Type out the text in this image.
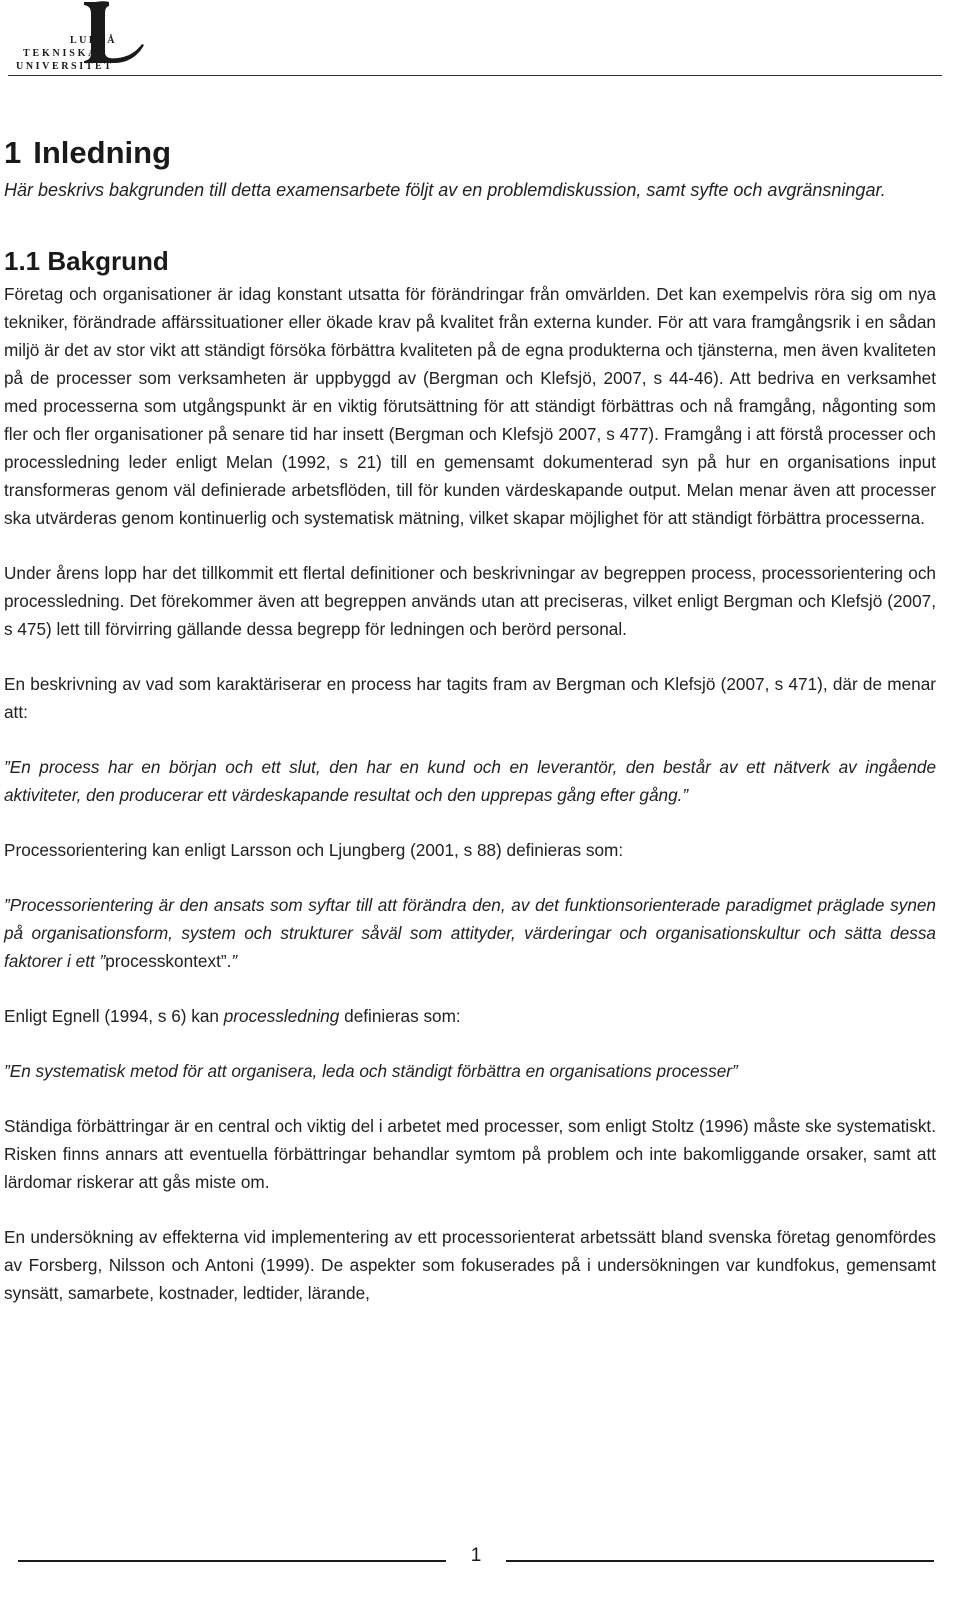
LULEÅ
TEKNISKA
UNIVERSITET
1 Inledning

Här beskrivs bakgrunden till detta examensarbete följt av en problemdiskussion, samt syfte och avgränsningar.

1.1 Bakgrund

Företag och organisationer är idag konstant utsatta för förändringar från omvärlden. Det kan exempelvis röra sig om nya tekniker, förändrade affärssituationer eller ökade krav på kvalitet från externa kunder. För att vara framgångsrik i en sådan miljö är det av stor vikt att ständigt försöka förbättra kvaliteten på de egna produkterna och tjänsterna, men även kvaliteten på de processer som verksamheten är uppbyggd av (Bergman och Klefsjö, 2007, s 44-46). Att bedriva en verksamhet med processerna som utgångspunkt är en viktig förutsättning för att ständigt förbättras och nå framgång, någonting som fler och fler organisationer på senare tid har insett (Bergman och Klefsjö 2007, s 477). Framgång i att förstå processer och processledning leder enligt Melan (1992, s 21) till en gemensamt dokumenterad syn på hur en organisations input transformeras genom väl definierade arbetsflöden, till för kunden värdeskapande output. Melan menar även att processer ska utvärderas genom kontinuerlig och systematisk mätning, vilket skapar möjlighet för att ständigt förbättra processerna.

Under årens lopp har det tillkommit ett flertal definitioner och beskrivningar av begreppen process, processorientering och processledning. Det förekommer även att begreppen används utan att preciseras, vilket enligt Bergman och Klefsjö (2007, s 475) lett till förvirring gällande dessa begrepp för ledningen och berörd personal.

En beskrivning av vad som karaktäriserar en process har tagits fram av Bergman och Klefsjö (2007, s 471), där de menar att:

”En process har en början och ett slut, den har en kund och en leverantör, den består av ett nätverk av ingående aktiviteter, den producerar ett värdeskapande resultat och den upprepas gång efter gång.”

Processorientering kan enligt Larsson och Ljungberg (2001, s 88) definieras som:

”Processorientering är den ansats som syftar till att förändra den, av det funktionsorienterade paradigmet präglade synen på organisationsform, system och strukturer såväl som attityder, värderingar och organisationskultur och sätta dessa faktorer i ett ”processkontext”.”

Enligt Egnell (1994, s 6) kan processledning definieras som:

”En systematisk metod för att organisera, leda och ständigt förbättra en organisations processer”

Ständiga förbättringar är en central och viktig del i arbetet med processer, som enligt Stoltz (1996) måste ske systematiskt. Risken finns annars att eventuella förbättringar behandlar symtom på problem och inte bakomliggande orsaker, samt att lärdomar riskerar att gås miste om.

En undersökning av effekterna vid implementering av ett processorienterat arbetssätt bland svenska företag genomfördes av Forsberg, Nilsson och Antoni (1999). De aspekter som fokuserades på i undersökningen var kundfokus, gemensamt synsätt, samarbete, kostnader, ledtider, lärande,

1
